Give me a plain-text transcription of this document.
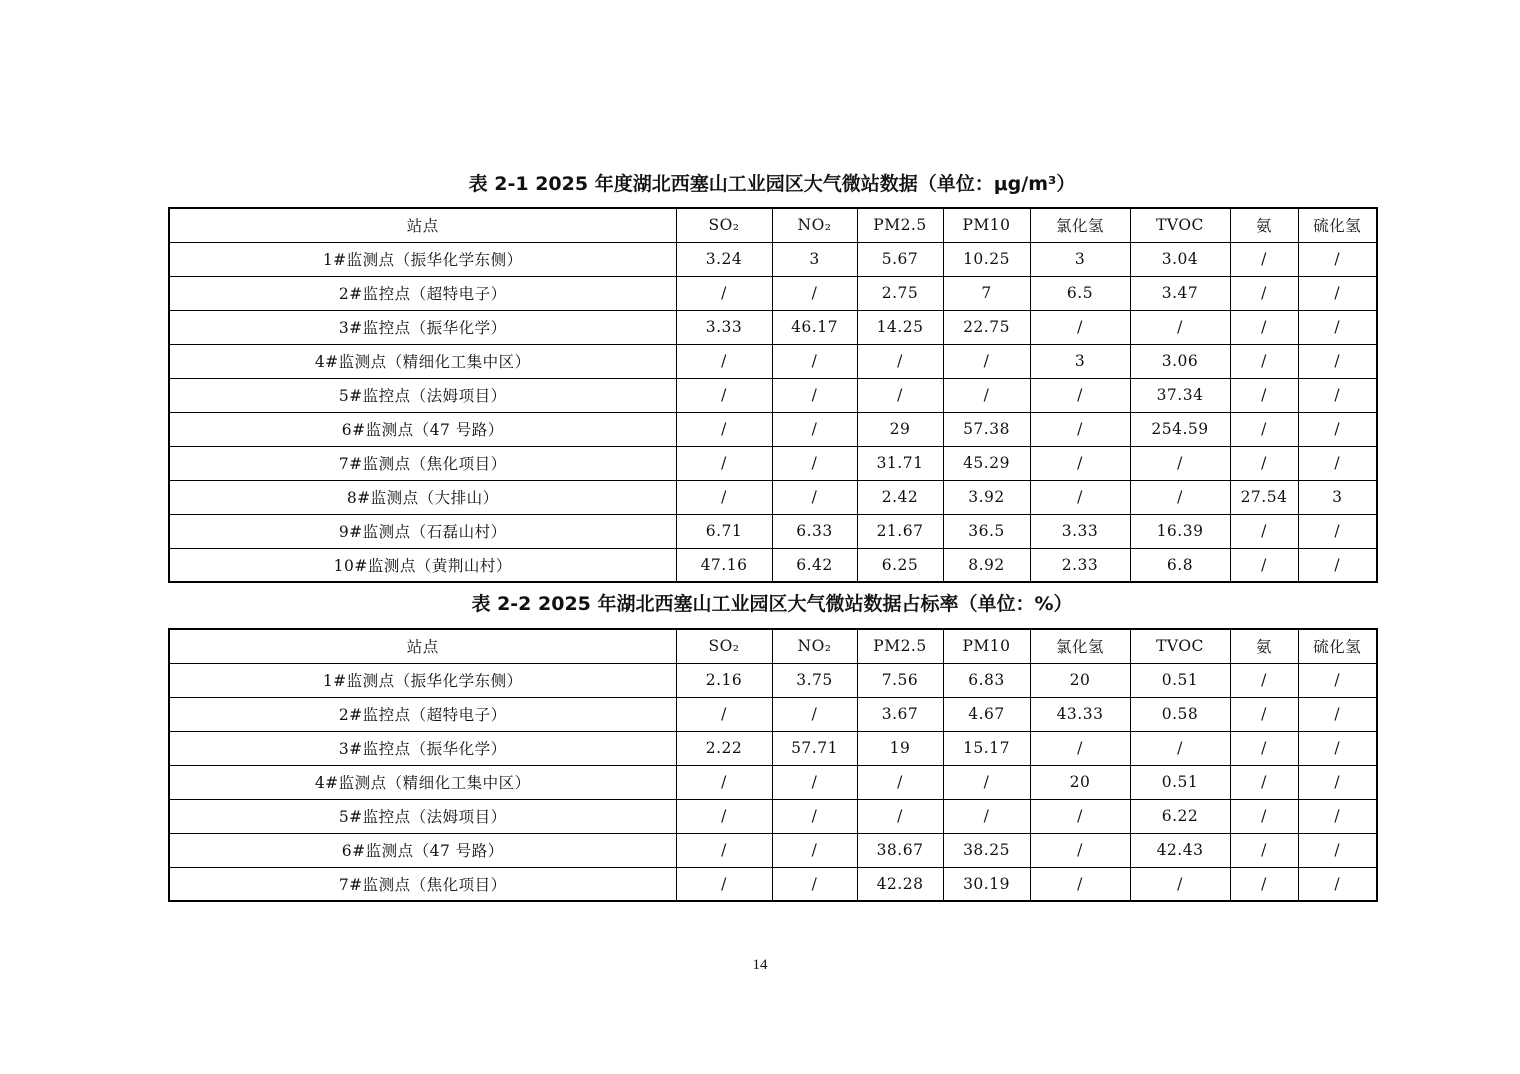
表 2-1 2025 年度湖北西塞山工业园区大气微站数据（单位：μg/m³）
站点	SO₂	NO₂	PM2.5	PM10	氯化氢	TVOC	氨	硫化氢
1#监测点（振华化学东侧）	3.24	3	5.67	10.25	3	3.04	/	/
2#监控点（超特电子）	/	/	2.75	7	6.5	3.47	/	/
3#监控点（振华化学）	3.33	46.17	14.25	22.75	/	/	/	/
4#监测点（精细化工集中区）	/	/	/	/	3	3.06	/	/
5#监控点（法姆项目）	/	/	/	/	/	37.34	/	/
6#监测点（47 号路）	/	/	29	57.38	/	254.59	/	/
7#监测点（焦化项目）	/	/	31.71	45.29	/	/	/	/
8#监测点（大排山）	/	/	2.42	3.92	/	/	27.54	3
9#监测点（石磊山村）	6.71	6.33	21.67	36.5	3.33	16.39	/	/
10#监测点（黄荆山村）	47.16	6.42	6.25	8.92	2.33	6.8	/	/
表 2-2 2025 年湖北西塞山工业园区大气微站数据占标率（单位：%）
站点	SO₂	NO₂	PM2.5	PM10	氯化氢	TVOC	氨	硫化氢
1#监测点（振华化学东侧）	2.16	3.75	7.56	6.83	20	0.51	/	/
2#监控点（超特电子）	/	/	3.67	4.67	43.33	0.58	/	/
3#监控点（振华化学）	2.22	57.71	19	15.17	/	/	/	/
4#监测点（精细化工集中区）	/	/	/	/	20	0.51	/	/
5#监控点（法姆项目）	/	/	/	/	/	6.22	/	/
6#监测点（47 号路）	/	/	38.67	38.25	/	42.43	/	/
7#监测点（焦化项目）	/	/	42.28	30.19	/	/	/	/
14
